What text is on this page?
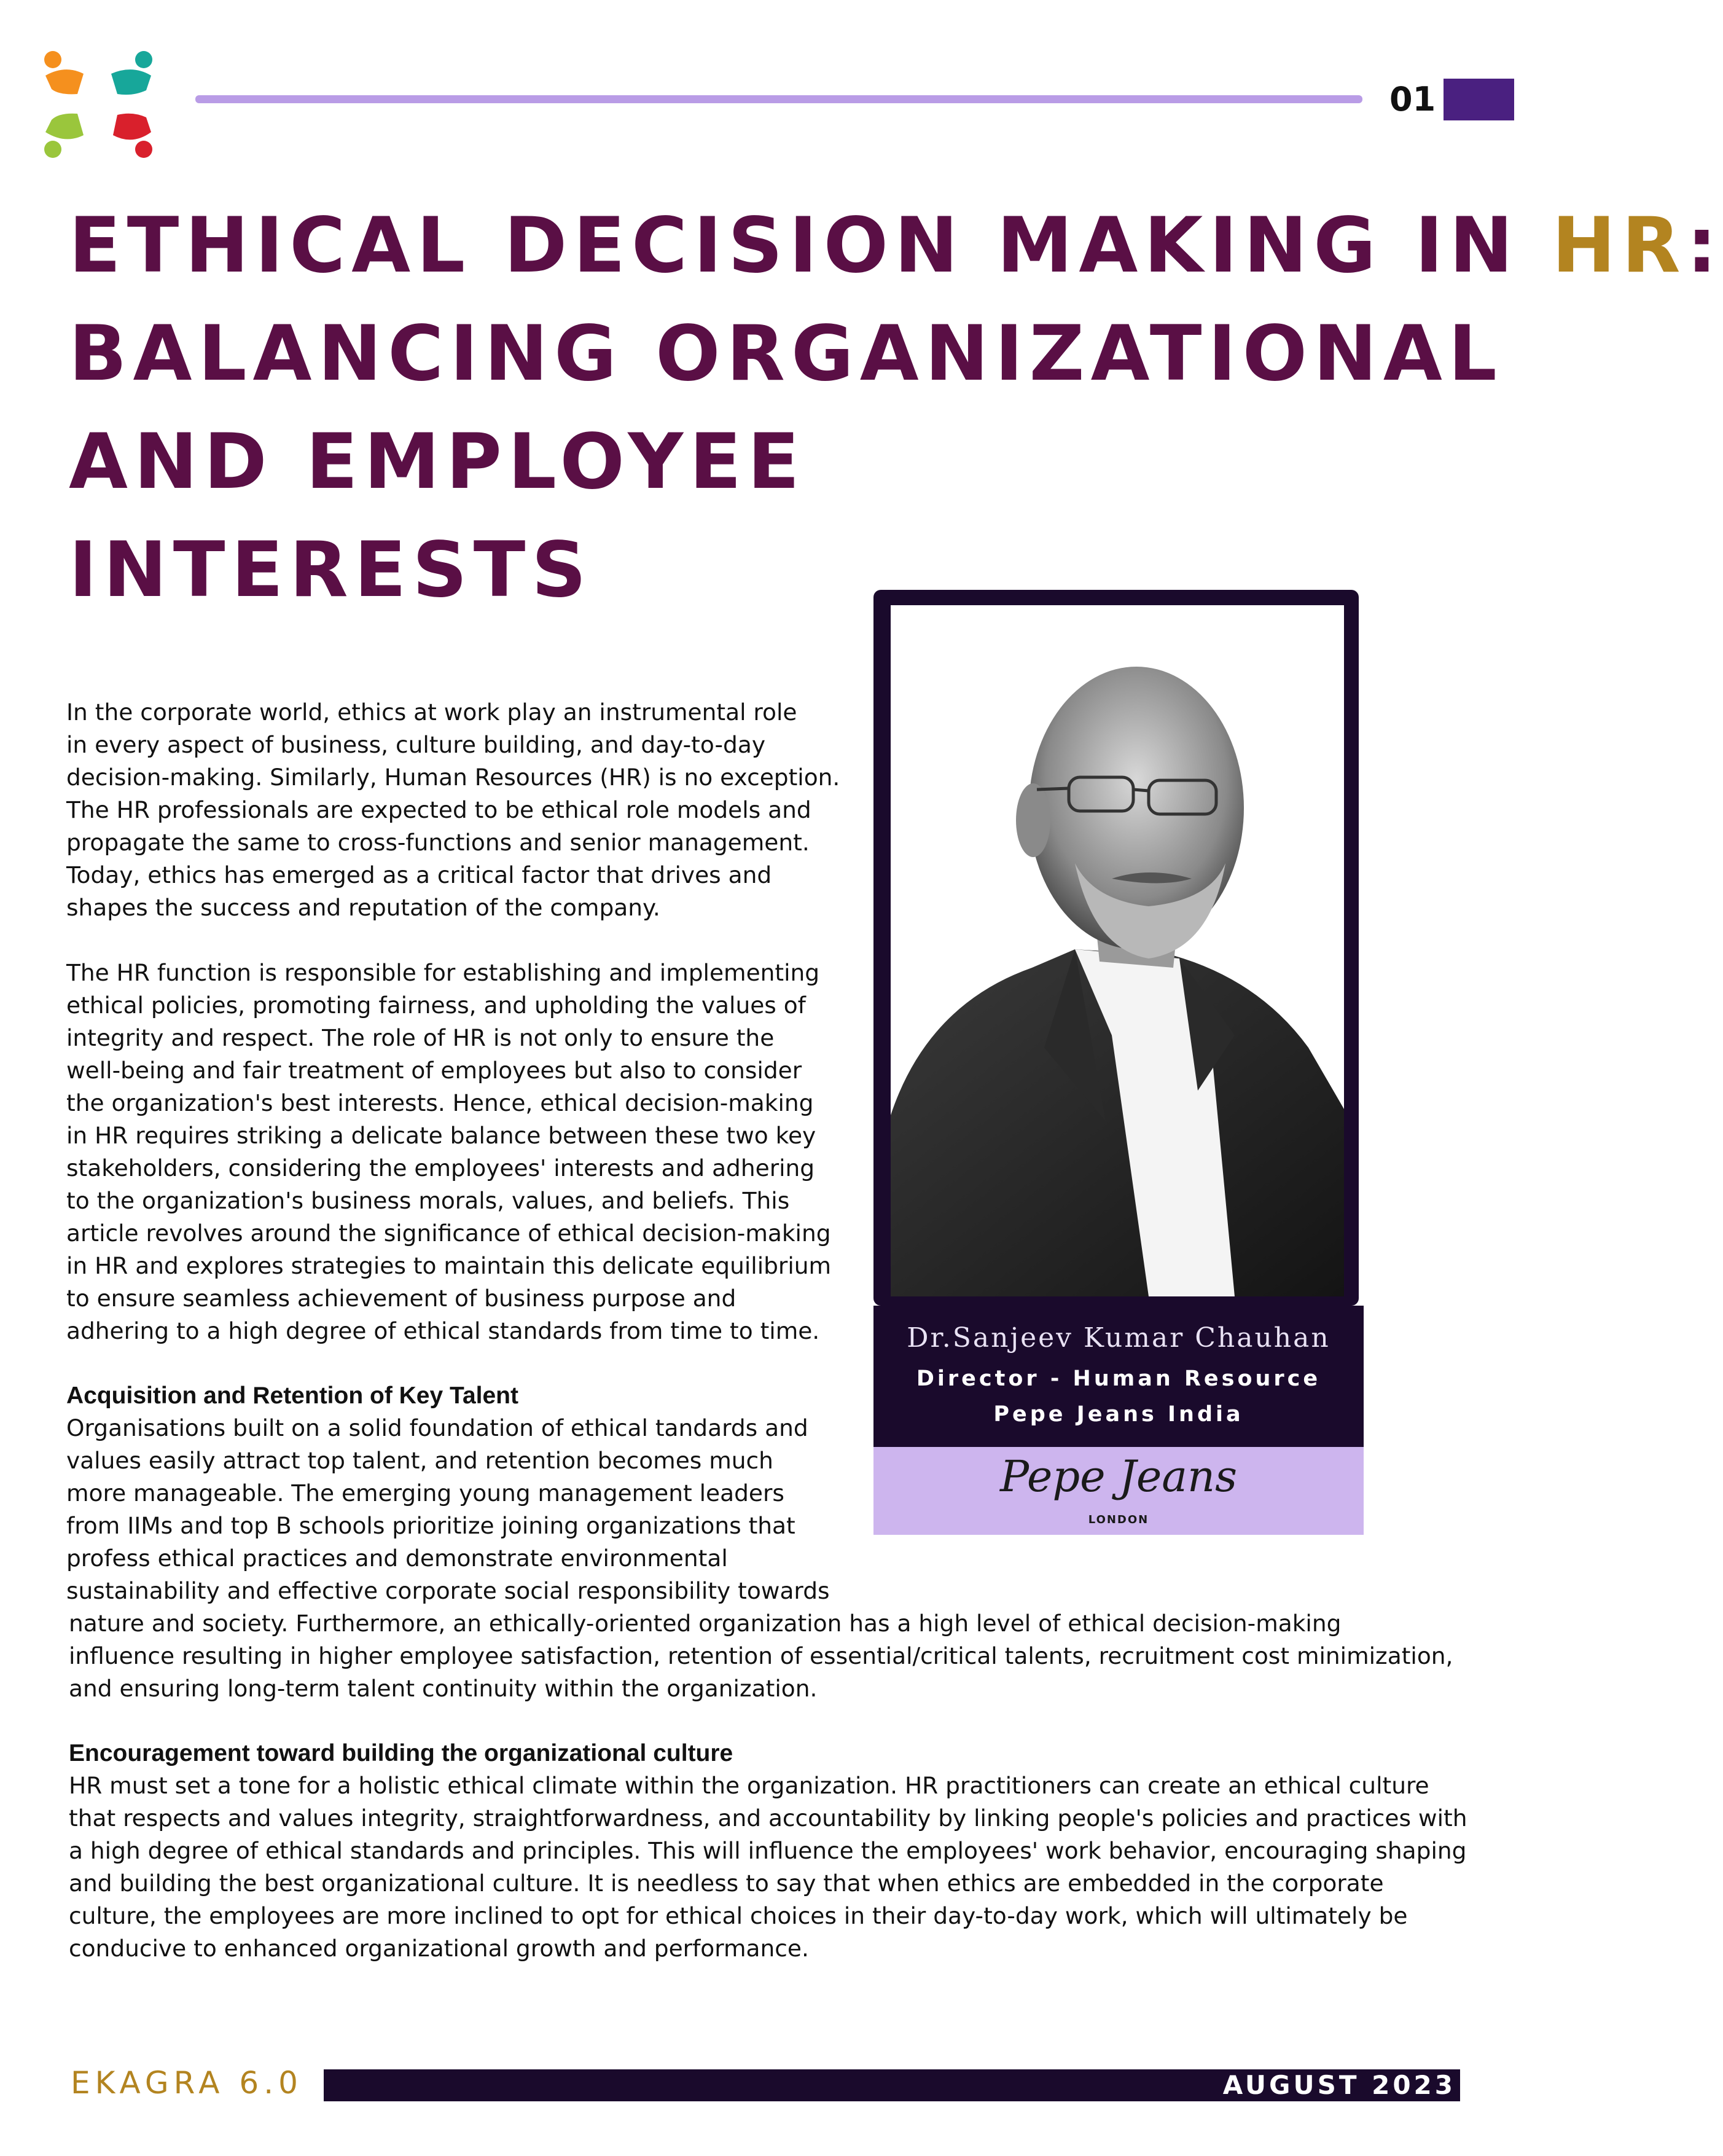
01
ETHICAL DECISION MAKING IN HR:
BALANCING ORGANIZATIONAL
AND EMPLOYEE
INTERESTS
In the corporate world, ethics at work play an instrumental role
in every aspect of business, culture building, and day-to-day
decision-making. Similarly, Human Resources (HR) is no exception.
The HR professionals are expected to be ethical role models and
propagate the same to cross-functions and senior management.
Today, ethics has emerged as a critical factor that drives and
shapes the success and reputation of the company.
The HR function is responsible for establishing and implementing
ethical policies, promoting fairness, and upholding the values of
integrity and respect. The role of HR is not only to ensure the
well-being and fair treatment of employees but also to consider
the organization's best interests. Hence, ethical decision-making
in HR requires striking a delicate balance between these two key
stakeholders, considering the employees' interests and adhering
to the organization's business morals, values, and beliefs. This
article revolves around the significance of ethical decision-making
in HR and explores strategies to maintain this delicate equilibrium
to ensure seamless achievement of business purpose and
adhering to a high degree of ethical standards from time to time.
Acquisition and Retention of Key Talent
Organisations built on a solid foundation of ethical tandards and
values easily attract top talent, and retention becomes much
more manageable. The emerging young management leaders
from IIMs and top B schools prioritize joining organizations that
profess ethical practices and demonstrate environmental
sustainability and effective corporate social responsibility towards
nature and society. Furthermore, an ethically-oriented organization has a high level of ethical decision-making
influence resulting in higher employee satisfaction, retention of essential/critical talents, recruitment cost minimization,
and ensuring long-term talent continuity within the organization.
Encouragement toward building the organizational culture
HR must set a tone for a holistic ethical climate within the organization. HR practitioners can create an ethical culture
that respects and values integrity, straightforwardness, and accountability by linking people's policies and practices with
a high degree of ethical standards and principles. This will influence the employees' work behavior, encouraging shaping
and building the best organizational culture. It is needless to say that when ethics are embedded in the corporate
culture, the employees are more inclined to opt for ethical choices in their day-to-day work, which will ultimately be
conducive to enhanced organizational growth and performance.
Dr.Sanjeev Kumar Chauhan
Director - Human Resource
Pepe Jeans India
Pepe Jeans
LONDON
EKAGRA 6.0	AUGUST 2023
